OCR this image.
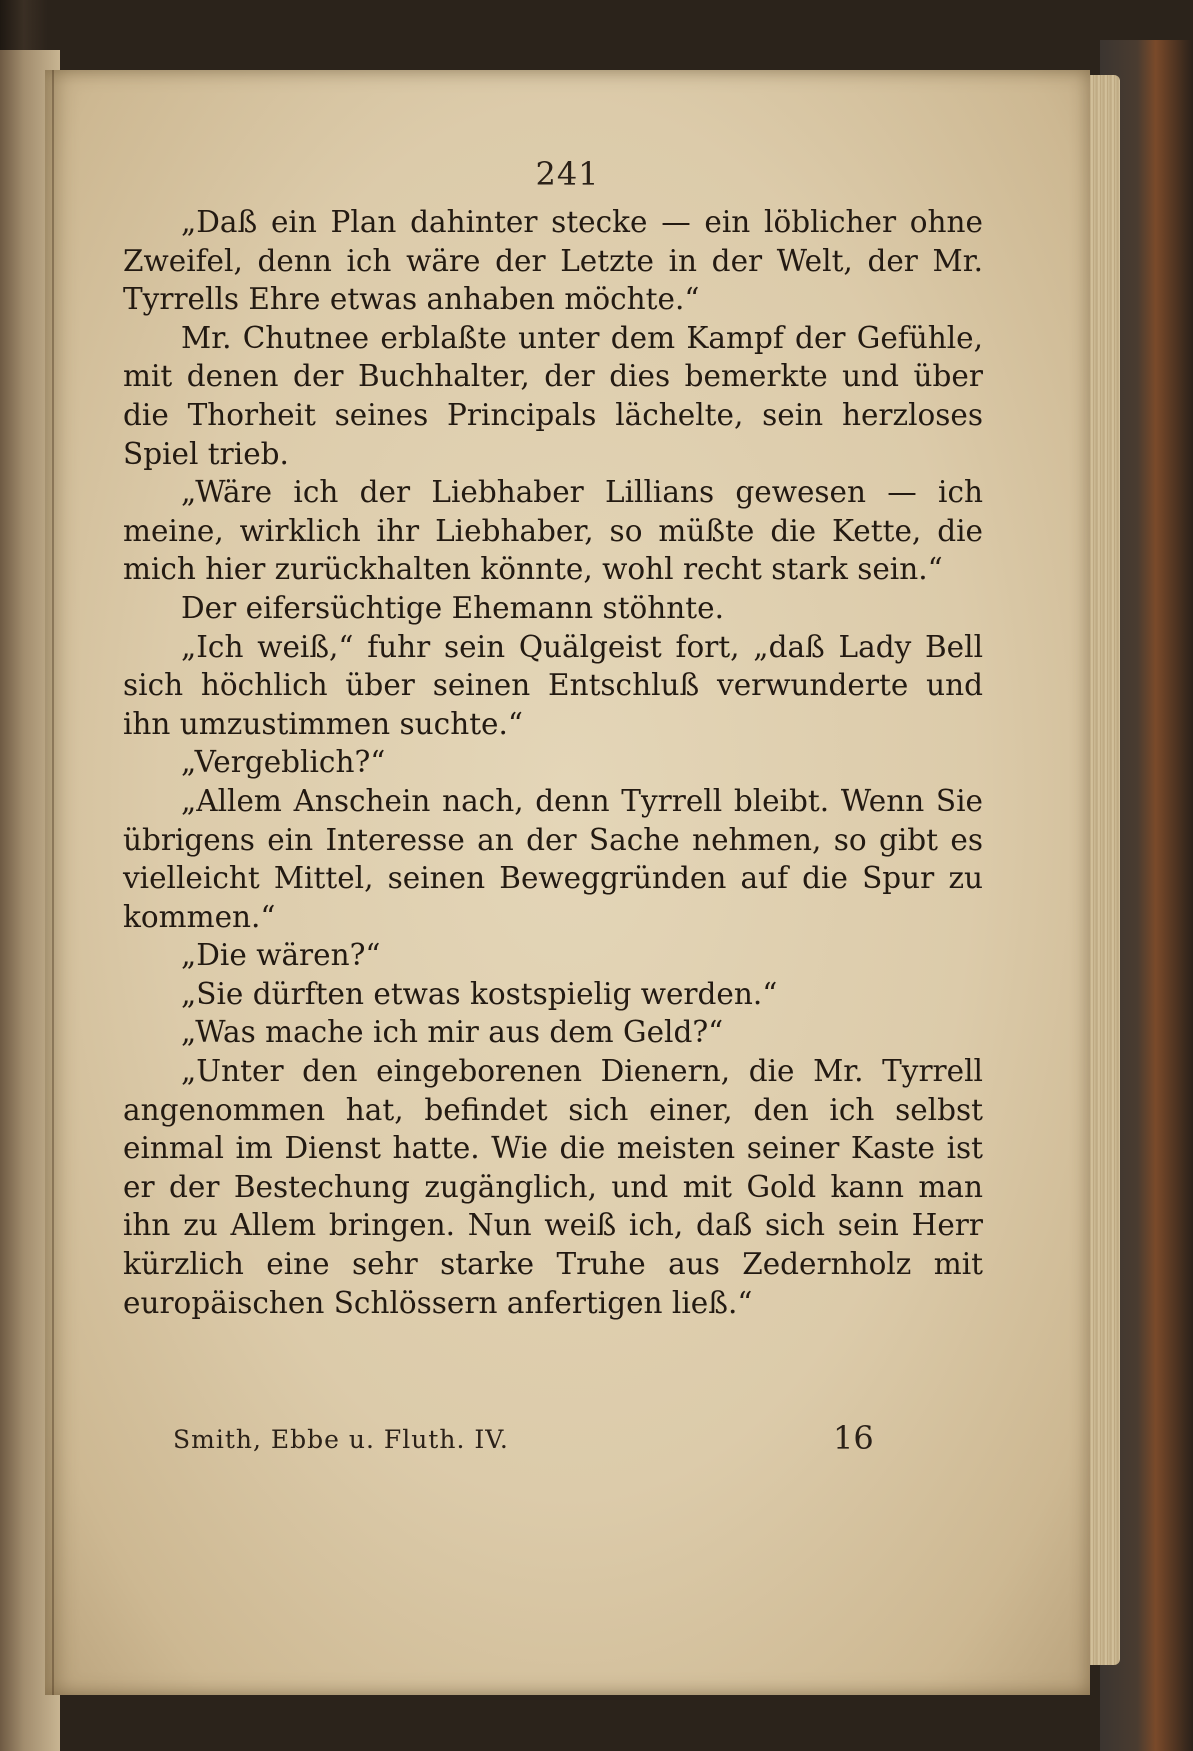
241

„Daß ein Plan dahinter stecke — ein löblicher ohne Zweifel, denn ich wäre der Letzte in der Welt, der Mr. Tyrrells Ehre etwas anhaben möchte.“

Mr. Chutnee erblaßte unter dem Kampf der Gefühle, mit denen der Buchhalter, der dies bemerkte und über die Thorheit seines Principals lächelte, sein herzloses Spiel trieb.

„Wäre ich der Liebhaber Lillians gewesen — ich meine, wirklich ihr Liebhaber, so müßte die Kette, die mich hier zurückhalten könnte, wohl recht stark sein.“

Der eifersüchtige Ehemann stöhnte.

„Ich weiß,“ fuhr sein Quälgeist fort, „daß Lady Bell sich höchlich über seinen Entschluß verwunderte und ihn umzustimmen suchte.“

„Vergeblich?“

„Allem Anschein nach, denn Tyrrell bleibt. Wenn Sie übrigens ein Interesse an der Sache nehmen, so gibt es vielleicht Mittel, seinen Beweggründen auf die Spur zu kommen.“

„Die wären?“

„Sie dürften etwas kostspielig werden.“

„Was mache ich mir aus dem Geld?“

„Unter den eingeborenen Dienern, die Mr. Tyrrell angenommen hat, befindet sich einer, den ich selbst einmal im Dienst hatte. Wie die meisten seiner Kaste ist er der Bestechung zugänglich, und mit Gold kann man ihn zu Allem bringen. Nun weiß ich, daß sich sein Herr kürzlich eine sehr starke Truhe aus Zedernholz mit europäischen Schlössern anfertigen ließ.“

Smith, Ebbe u. Fluth. IV.	16
